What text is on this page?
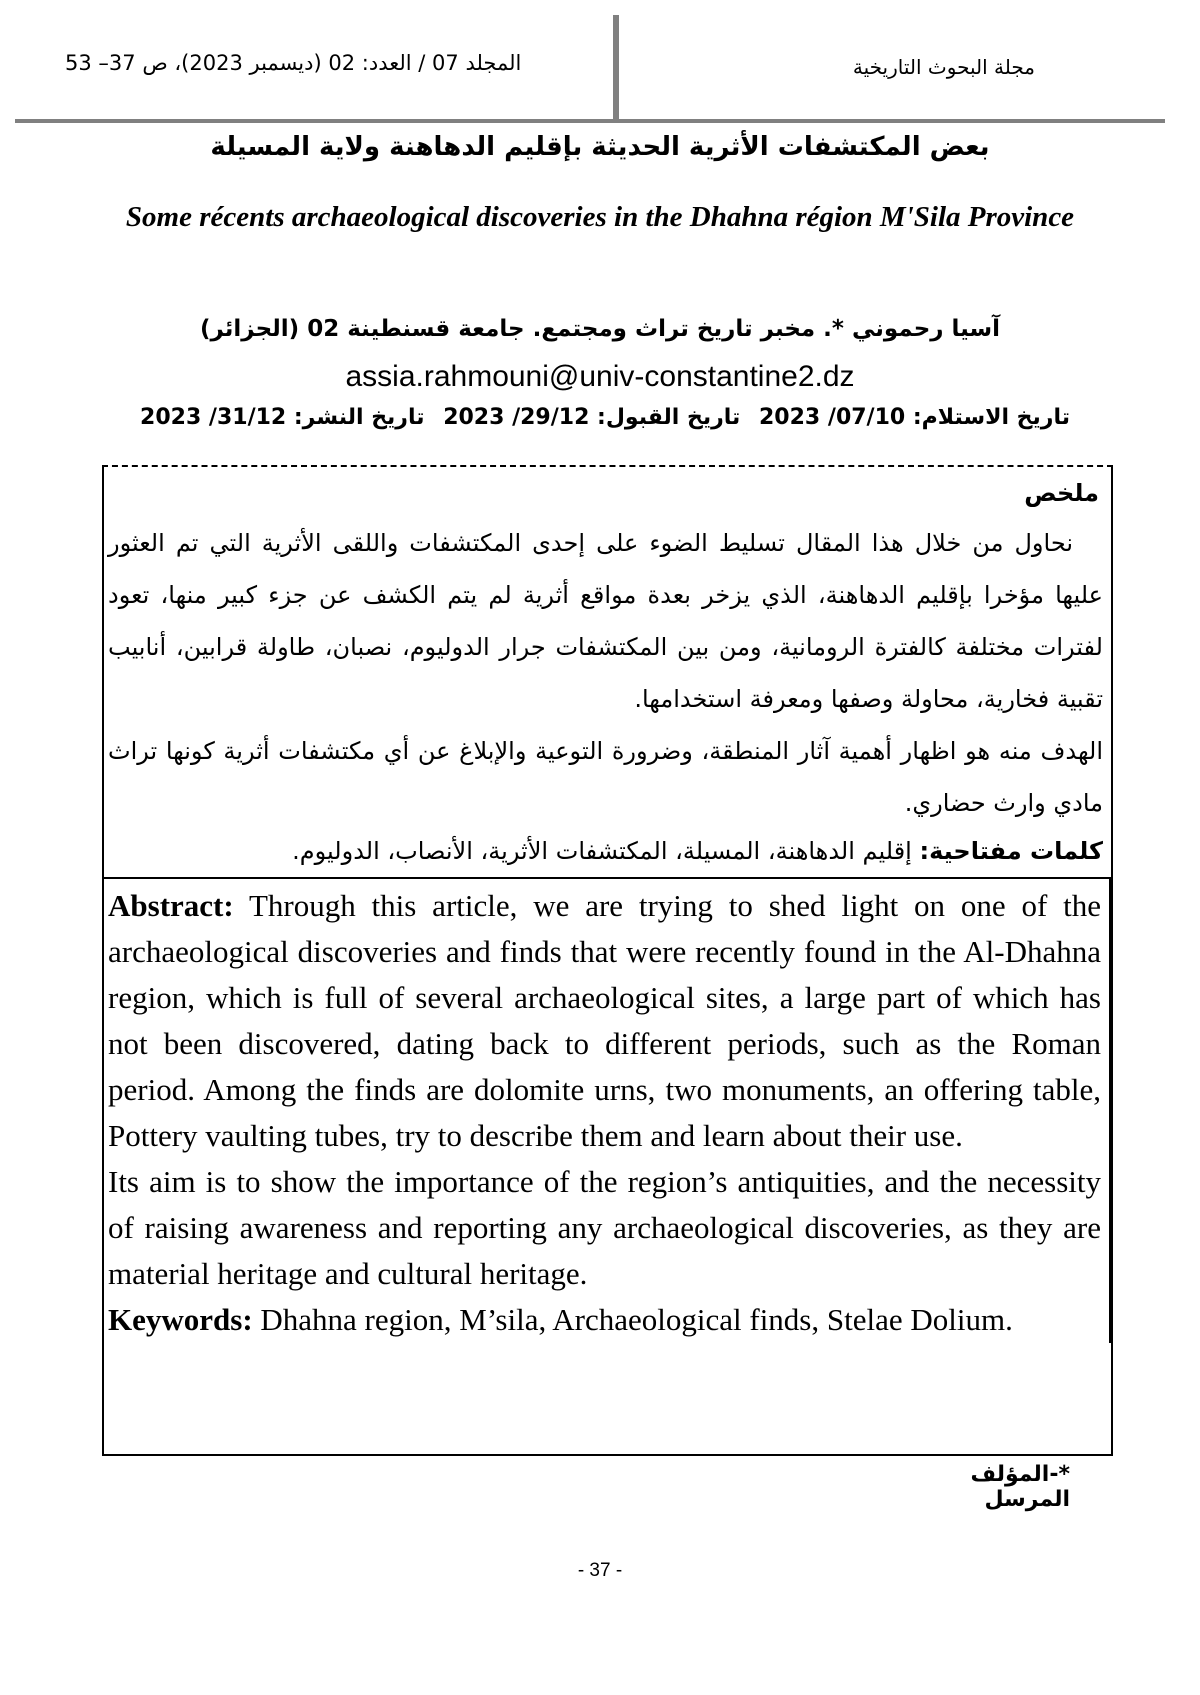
المجلد 07 / العدد: 02 (ديسمبر 2023)، ص 37– 53	مجلة البحوث التاريخية
بعض المكتشفات الأثرية الحديثة بإقليم الدهاهنة ولاية المسيلة
Some récents archaeological discoveries in the Dhahna région M'Sila Province
آسيا رحموني *. مخبر تاريخ تراث ومجتمع. جامعة قسنطينة 02 (الجزائر)
assia.rahmouni@univ-constantine2.dz
تاريخ الاستلام: 07/10/ 2023
تاريخ القبول: 29/12/ 2023
تاريخ النشر: 31/12/ 2023
ملخص

نحاول من خلال هذا المقال تسليط الضوء على إحدى المكتشفات واللقى الأثرية التي تم العثور عليها مؤخرا بإقليم الدهاهنة، الذي يزخر بعدة مواقع أثرية لم يتم الكشف عن جزء كبير منها، تعود لفترات مختلفة كالفترة الرومانية، ومن بين المكتشفات جرار الدوليوم، نصبان، طاولة قرابين، أنابيب تقبية فخارية، محاولة وصفها ومعرفة استخدامها.

الهدف منه هو اظهار أهمية آثار المنطقة، وضرورة التوعية والإبلاغ عن أي مكتشفات أثرية كونها تراث مادي وارث حضاري.

كلمات مفتاحية: إقليم الدهاهنة، المسيلة، المكتشفات الأثرية، الأنصاب، الدوليوم.

Abstract: Through this article, we are trying to shed light on one of the archaeological discoveries and finds that were recently found in the Al-Dhahna region, which is full of several archaeological sites, a large part of which has not been discovered, dating back to different periods, such as the Roman period. Among the finds are dolomite urns, two monuments, an offering table, Pottery vaulting tubes, try to describe them and learn about their use.

Its aim is to show the importance of the region’s antiquities, and the necessity of raising awareness and reporting any archaeological discoveries, as they are material heritage and cultural heritage.

Keywords: Dhahna region, M’sila, Archaeological finds, Stelae Dolium.

*-المؤلف المرسل
- 37 -
